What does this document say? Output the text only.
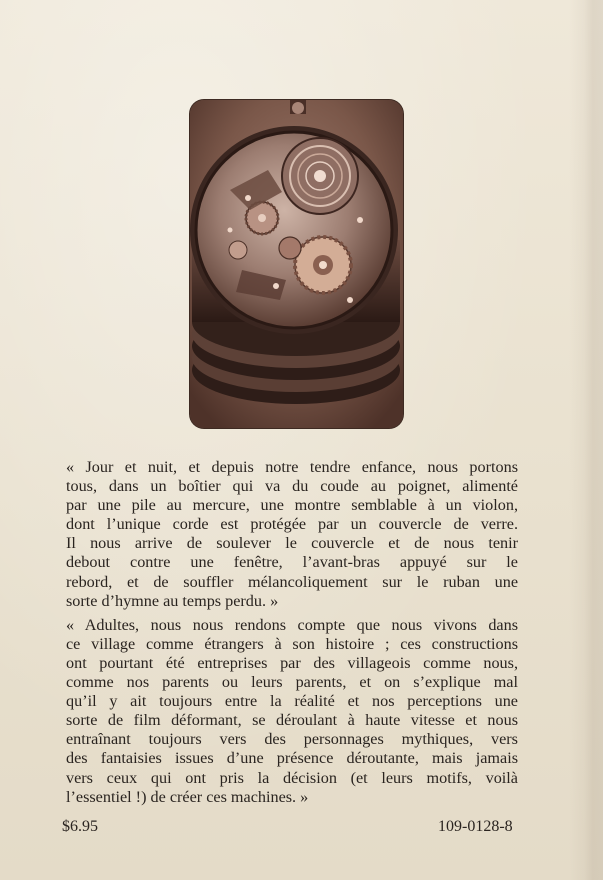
« Jour et nuit, et depuis notre tendre enfance, nous portons
tous, dans un boîtier qui va du coude au poignet, alimenté
par une pile au mercure, une montre semblable à un violon,
dont l’unique corde est protégée par un couvercle de verre.
Il nous arrive de soulever le couvercle et de nous tenir
debout contre une fenêtre, l’avant-bras appuyé sur le
rebord, et de souffler mélancoliquement sur le ruban une
sorte d’hymne au temps perdu. »

« Adultes, nous nous rendons compte que nous vivons dans
ce village comme étrangers à son histoire ; ces constructions
ont pourtant été entreprises par des villageois comme nous,
comme nos parents ou leurs parents, et on s’explique mal
qu’il y ait toujours entre la réalité et nos perceptions une
sorte de film déformant, se déroulant à haute vitesse et nous
entraînant toujours vers des personnages mythiques, vers
des fantaisies issues d’une présence déroutante, mais jamais
vers ceux qui ont pris la décision (et leurs motifs, voilà
l’essentiel !) de créer ces machines. »

$6.95	109-0128-8
